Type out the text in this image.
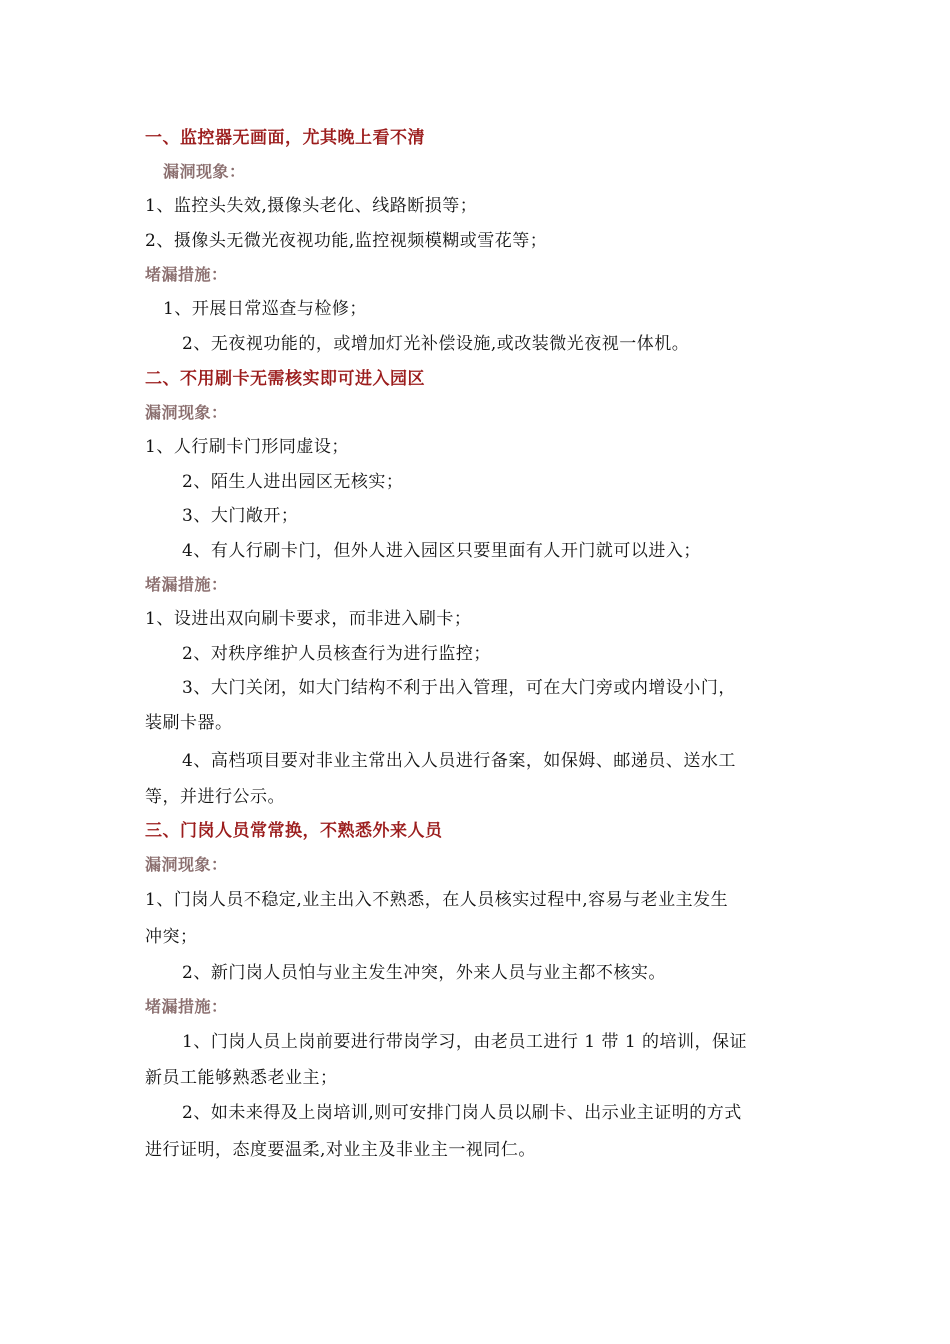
一、监控器无画面，尤其晚上看不清
漏洞现象：
1、监控头失效,摄像头老化、线路断损等；
2、摄像头无微光夜视功能,监控视频模糊或雪花等；
堵漏措施：
1、开展日常巡查与检修；
2、无夜视功能的，或增加灯光补偿设施,或改装微光夜视一体机。
二、不用刷卡无需核实即可进入园区
漏洞现象：
1、人行刷卡门形同虚设；
2、陌生人进出园区无核实；
3、大门敞开；
4、有人行刷卡门，但外人进入园区只要里面有人开门就可以进入；
堵漏措施：
1、设进出双向刷卡要求，而非进入刷卡；
2、对秩序维护人员核查行为进行监控；
3、大门关闭，如大门结构不利于出入管理，可在大门旁或内增设小门，
装刷卡器。
4、高档项目要对非业主常出入人员进行备案，如保姆、邮递员、送水工
等，并进行公示。
三、门岗人员常常换，不熟悉外来人员
漏洞现象：
1、门岗人员不稳定,业主出入不熟悉，在人员核实过程中,容易与老业主发生
冲突；
2、新门岗人员怕与业主发生冲突，外来人员与业主都不核实。
堵漏措施：
1、门岗人员上岗前要进行带岗学习，由老员工进行 1 带 1 的培训，保证
新员工能够熟悉老业主；
2、如未来得及上岗培训,则可安排门岗人员以刷卡、出示业主证明的方式
进行证明，态度要温柔,对业主及非业主一视同仁。
